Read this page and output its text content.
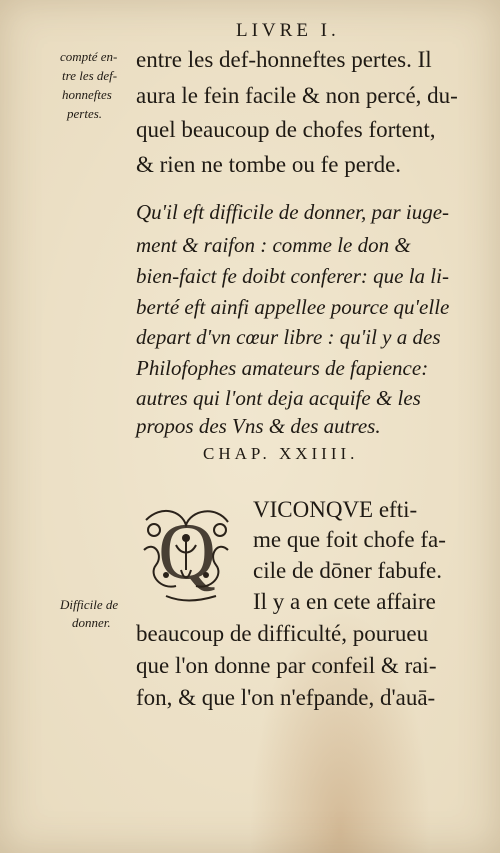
LIVRE I.
compté en-
tre les def-
honneftes
pertes.
entre les def-honneftes pertes. Il
aura le fein facile & non percé, du-
quel beaucoup de chofes fortent,
& rien ne tombe ou fe perde.
Qu'il eft difficile de donner, par iuge-
ment & raifon : comme le don &
bien-faict fe doibt conferer: que la li-
berté eft ainfi appellee pource qu'elle
depart d'vn cœur libre : qu'il y a des
Philofophes amateurs de fapience:
autres qui l'ont deja acquife & les
propos des Vns & des autres.
CHAP. XXIIII.
Q VICONQVE efti-
me que foit chofe fa-
cile de dōner fabufe.
Il y a en cete affaire
Difficile de
donner. beaucoup de difficulté, pourueu
que l'on donne par confeil & rai-
fon, & que l'on n'efpande, d'auā-
